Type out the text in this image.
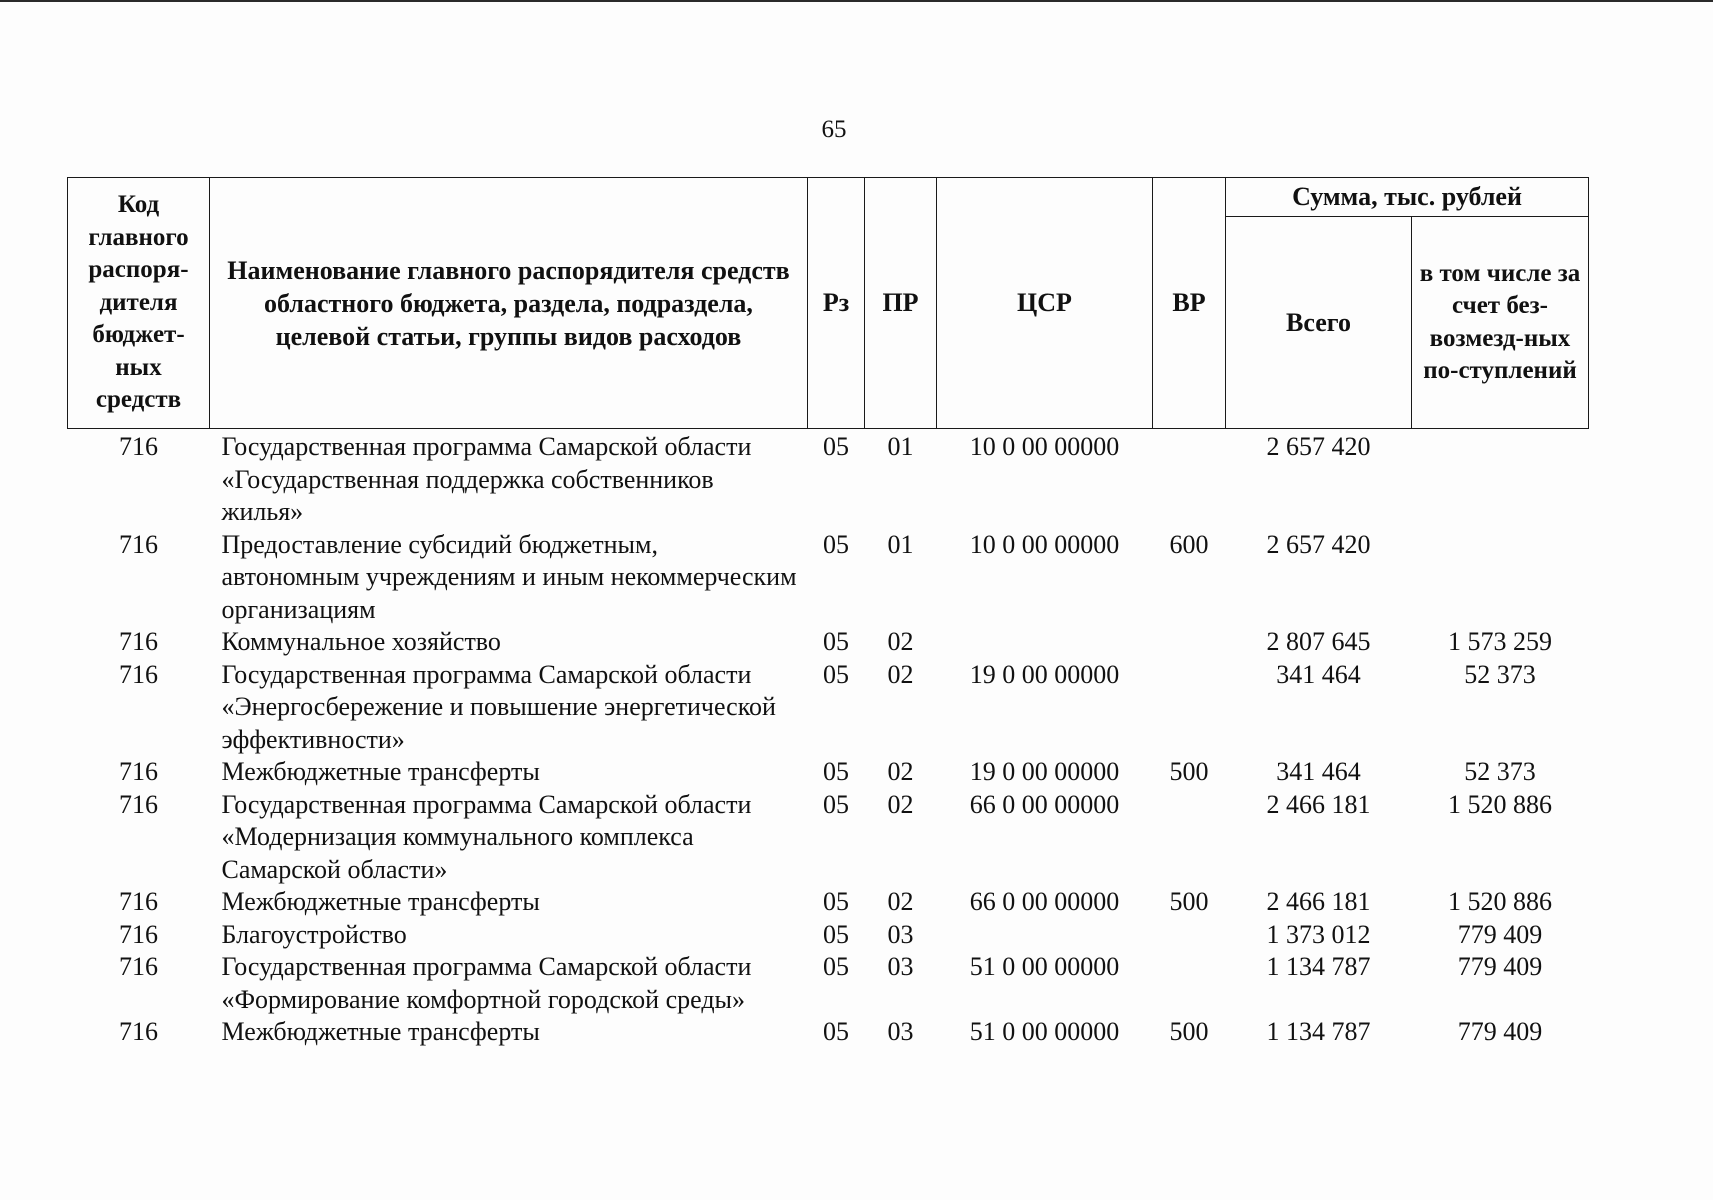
65
Код главного распоря-дителя бюджет-ных средств	Наименование главного распорядителя средств областного бюджета, раздела, подраздела, целевой статьи, группы видов расходов	Рз	ПР	ЦСР	ВР	Сумма, тыс. рублей	
						Всего	в том числе за счет без-возмезд-ных по-ступлений
716	Государственная программа Самарской области «Государственная поддержка собственников жилья»	05	01	10 0 00 00000		2 657 420	
716	Предоставление субсидий бюджетным, автономным учреждениям и иным некоммерческим организациям	05	01	10 0 00 00000	600	2 657 420	
716	Коммунальное хозяйство	05	02			2 807 645	1 573 259
716	Государственная программа Самарской области «Энергосбережение и повышение энергетической эффективности»	05	02	19 0 00 00000		341 464	52 373
716	Межбюджетные трансферты	05	02	19 0 00 00000	500	341 464	52 373
716	Государственная программа Самарской области «Модернизация коммунального комплекса Самарской области»	05	02	66 0 00 00000		2 466 181	1 520 886
716	Межбюджетные трансферты	05	02	66 0 00 00000	500	2 466 181	1 520 886
716	Благоустройство	05	03			1 373 012	779 409
716	Государственная программа Самарской области «Формирование комфортной городской среды»	05	03	51 0 00 00000		1 134 787	779 409
716	Межбюджетные трансферты	05	03	51 0 00 00000	500	1 134 787	779 409
